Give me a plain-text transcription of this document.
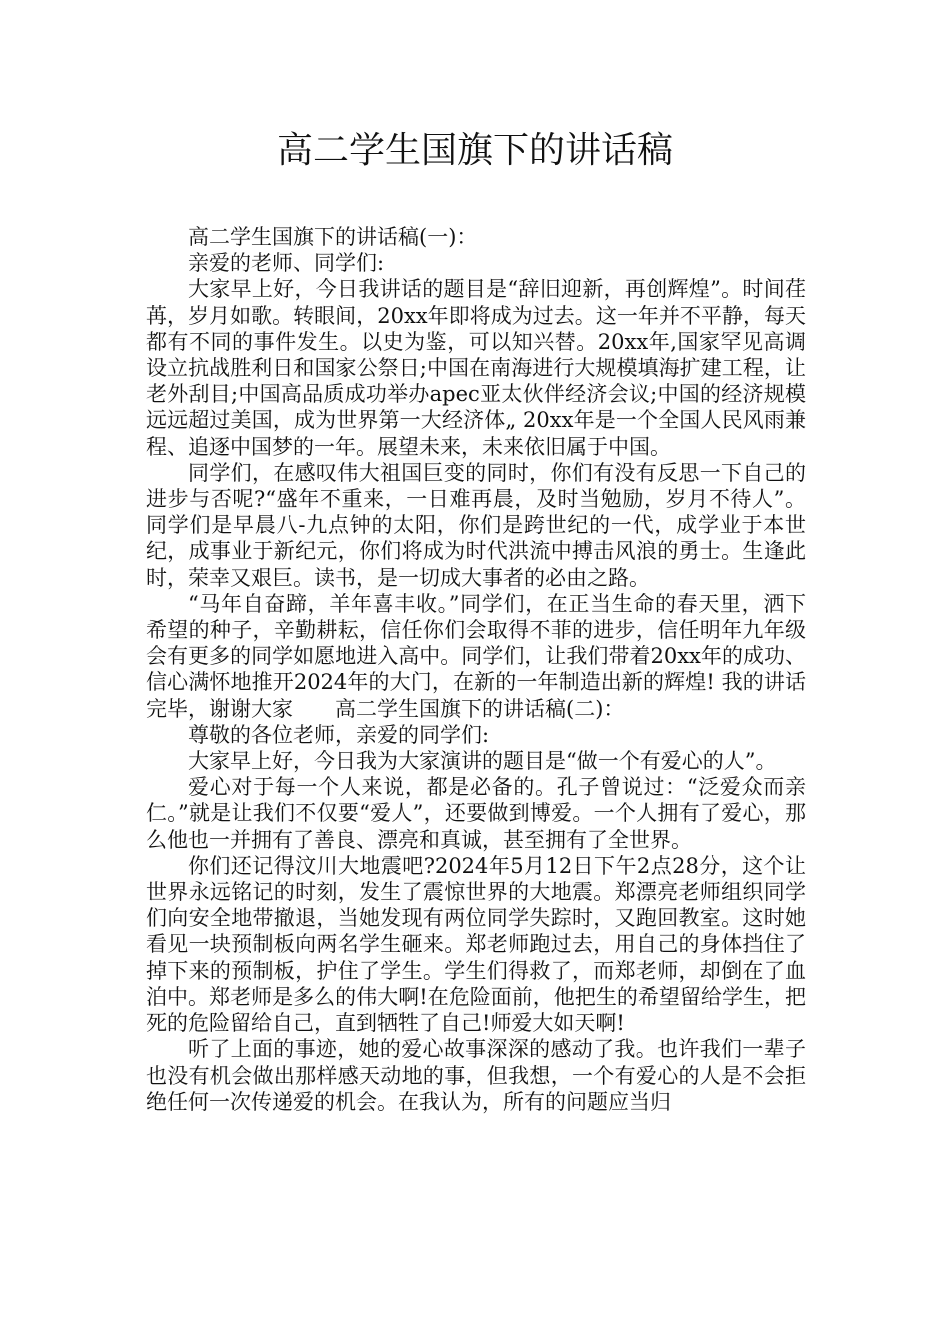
高二学生国旗下的讲话稿

高二学生国旗下的讲话稿(一)：

亲爱的老师、同学们:

大家早上好，今日我讲话的题目是“辞旧迎新，再创辉煌”。时间荏苒，岁月如歌。转眼间，20xx年即将成为过去。这一年并不平静，每天都有不同的事件发生。以史为鉴，可以知兴替。20xx年,国家罕见高调设立抗战胜利日和国家公祭日;中国在南海进行大规模填海扩建工程，让老外刮目;中国高品质成功举办apec亚太伙伴经济会议;中国的经济规模远远超过美国，成为世界第一大经济体„ 20xx年是一个全国人民风雨兼程、追逐中国梦的一年。展望未来，未来依旧属于中国。

同学们，在感叹伟大祖国巨变的同时，你们有没有反思一下自己的进步与否呢?“盛年不重来，一日难再晨，及时当勉励，岁月不待人”。同学们是早晨八-九点钟的太阳，你们是跨世纪的一代，成学业于本世纪，成事业于新纪元，你们将成为时代洪流中搏击风浪的勇士。生逢此时，荣幸又艰巨。读书，是一切成大事者的必由之路。

“马年自奋蹄，羊年喜丰收。”同学们，在正当生命的春天里，洒下希望的种子，辛勤耕耘，信任你们会取得不菲的进步，信任明年九年级会有更多的同学如愿地进入高中。同学们，让我们带着20xx年的成功、信心满怀地推开2024年的大门，在新的一年制造出新的辉煌! 我的讲话完毕，谢谢大家　　高二学生国旗下的讲话稿(二)：

尊敬的各位老师，亲爱的同学们:

大家早上好，今日我为大家演讲的题目是“做一个有爱心的人”。

爱心对于每一个人来说，都是必备的。孔子曾说过：“泛爱众而亲仁。”就是让我们不仅要“爱人”，还要做到博爱。一个人拥有了爱心，那么他也一并拥有了善良、漂亮和真诚，甚至拥有了全世界。

你们还记得汶川大地震吧?2024年5月12日下午2点28分，这个让世界永远铭记的时刻，发生了震惊世界的大地震。郑漂亮老师组织同学们向安全地带撤退，当她发现有两位同学失踪时，又跑回教室。这时她看见一块预制板向两名学生砸来。郑老师跑过去，用自己的身体挡住了掉下来的预制板，护住了学生。学生们得救了，而郑老师，却倒在了血泊中。郑老师是多么的伟大啊!在危险面前，他把生的希望留给学生，把死的危险留给自己，直到牺牲了自己!师爱大如天啊!

听了上面的事迹，她的爱心故事深深的感动了我。也许我们一辈子也没有机会做出那样感天动地的事，但我想，一个有爱心的人是不会拒绝任何一次传递爱的机会。在我认为，所有的问题应当归
